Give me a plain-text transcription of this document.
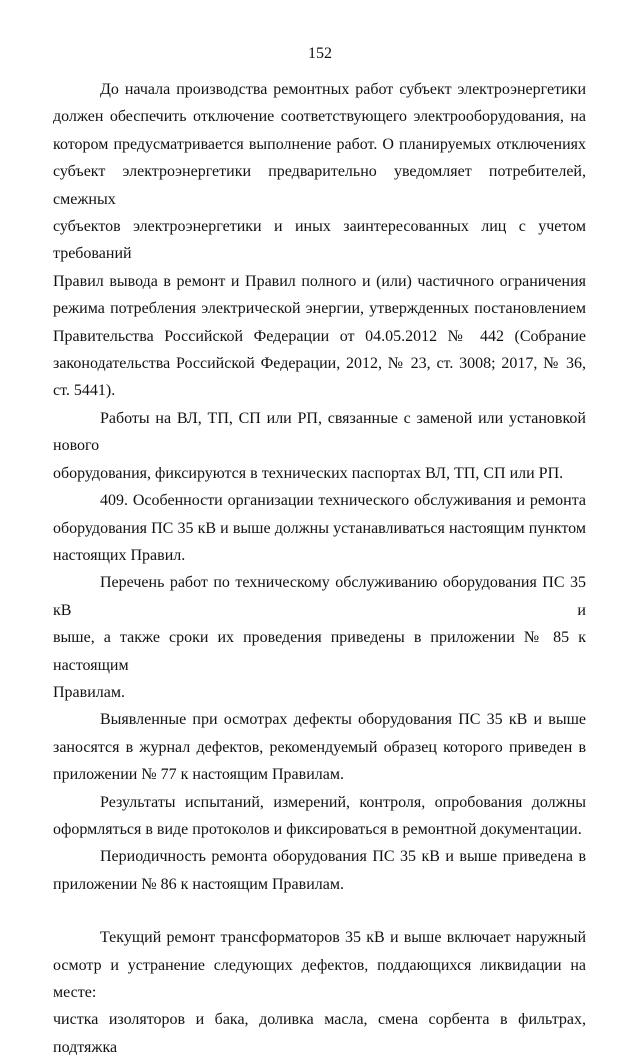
152
До начала производства ремонтных работ субъект электроэнергетики
должен обеспечить отключение соответствующего электрооборудования, на
котором предусматривается выполнение работ. О планируемых отключениях
субъект электроэнергетики предварительно уведомляет потребителей, смежных
субъектов электроэнергетики и иных заинтересованных лиц с учетом требований
Правил вывода в ремонт и Правил полного и (или) частичного ограничения
режима потребления электрической энергии, утвержденных постановлением
Правительства Российской Федерации от 04.05.2012 № 442 (Собрание
законодательства Российской Федерации, 2012, № 23, ст. 3008; 2017, № 36,
ст. 5441).
Работы на ВЛ, ТП, СП или РП, связанные с заменой или установкой нового
оборудования, фиксируются в технических паспортах ВЛ, ТП, СП или РП.
409. Особенности организации технического обслуживания и ремонта
оборудования ПС 35 кВ и выше должны устанавливаться настоящим пунктом
настоящих Правил.
Перечень работ по техническому обслуживанию оборудования ПС 35 кВ и
выше, а также сроки их проведения приведены в приложении № 85 к настоящим
Правилам.
Выявленные при осмотрах дефекты оборудования ПС 35 кВ и выше
заносятся в журнал дефектов, рекомендуемый образец которого приведен в
приложении № 77 к настоящим Правилам.
Результаты испытаний, измерений, контроля, опробования должны
оформляться в виде протоколов и фиксироваться в ремонтной документации.
Периодичность ремонта оборудования ПС 35 кВ и выше приведена в
приложении № 86 к настоящим Правилам.
Текущий ремонт трансформаторов 35 кВ и выше включает наружный
осмотр и устранение следующих дефектов, поддающихся ликвидации на месте:
чистка изоляторов и бака, доливка масла, смена сорбента в фильтрах, подтяжка
